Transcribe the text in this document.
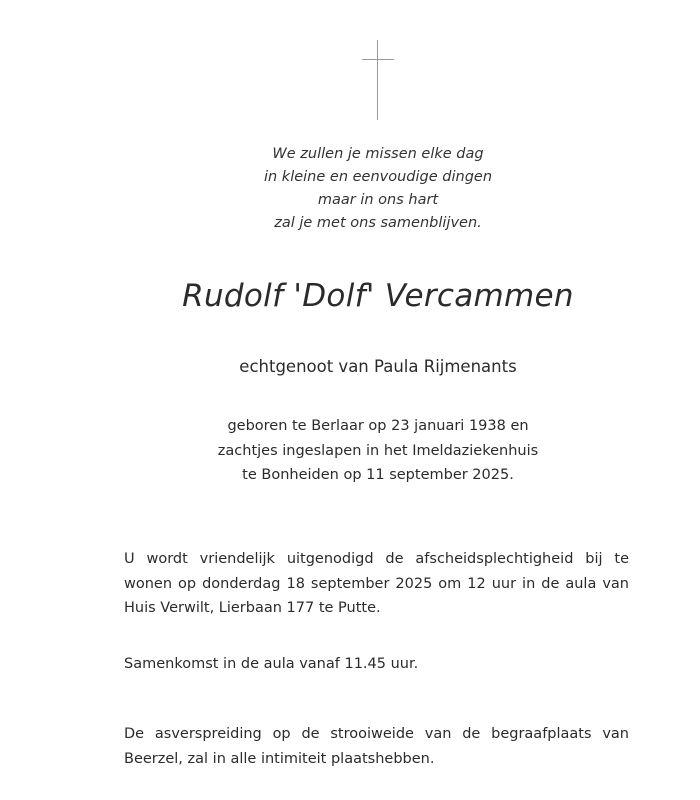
We zullen je missen elke dag
in kleine en eenvoudige dingen
maar in ons hart
zal je met ons samenblijven.
Rudolf 'Dolf' Vercammen
echtgenoot van Paula Rijmenants
geboren te Berlaar op 23 januari 1938 en
zachtjes ingeslapen in het Imeldaziekenhuis
te Bonheiden op 11 september 2025.
U wordt vriendelijk uitgenodigd de afscheidsplechtigheid bij te
wonen op donderdag 18 september 2025 om 12 uur in de aula van
Huis Verwilt, Lierbaan 177 te Putte.
Samenkomst in de aula vanaf 11.45 uur.
De asverspreiding op de strooiweide van de begraafplaats van
Beerzel, zal in alle intimiteit plaatshebben.
